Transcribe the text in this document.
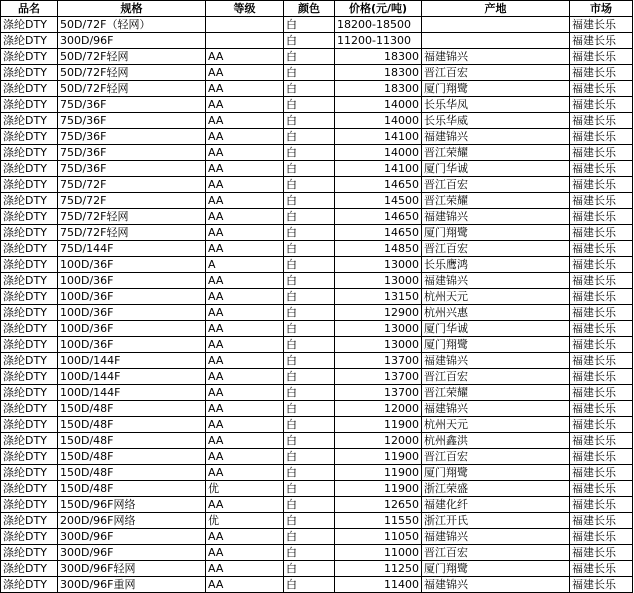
品名	规格	等级	颜色	价格(元/吨)	产地	市场
涤纶DTY	50D/72F（轻网）		白	18200-18500		福建长乐
涤纶DTY	300D/96F		白	11200-11300		福建长乐
涤纶DTY	50D/72F轻网	AA	白	18300	福建锦兴	福建长乐
涤纶DTY	50D/72F轻网	AA	白	18300	晋江百宏	福建长乐
涤纶DTY	50D/72F轻网	AA	白	18300	厦门翔鹭	福建长乐
涤纶DTY	75D/36F	AA	白	14000	长乐华凤	福建长乐
涤纶DTY	75D/36F	AA	白	14000	长乐华威	福建长乐
涤纶DTY	75D/36F	AA	白	14100	福建锦兴	福建长乐
涤纶DTY	75D/36F	AA	白	14000	晋江荣耀	福建长乐
涤纶DTY	75D/36F	AA	白	14100	厦门华诚	福建长乐
涤纶DTY	75D/72F	AA	白	14650	晋江百宏	福建长乐
涤纶DTY	75D/72F	AA	白	14500	晋江荣耀	福建长乐
涤纶DTY	75D/72F轻网	AA	白	14650	福建锦兴	福建长乐
涤纶DTY	75D/72F轻网	AA	白	14650	厦门翔鹭	福建长乐
涤纶DTY	75D/144F	AA	白	14850	晋江百宏	福建长乐
涤纶DTY	100D/36F	A	白	13000	长乐鹰鸿	福建长乐
涤纶DTY	100D/36F	AA	白	13000	福建锦兴	福建长乐
涤纶DTY	100D/36F	AA	白	13150	杭州天元	福建长乐
涤纶DTY	100D/36F	AA	白	12900	杭州兴惠	福建长乐
涤纶DTY	100D/36F	AA	白	13000	厦门华诚	福建长乐
涤纶DTY	100D/36F	AA	白	13000	厦门翔鹭	福建长乐
涤纶DTY	100D/144F	AA	白	13700	福建锦兴	福建长乐
涤纶DTY	100D/144F	AA	白	13700	晋江百宏	福建长乐
涤纶DTY	100D/144F	AA	白	13700	晋江荣耀	福建长乐
涤纶DTY	150D/48F	AA	白	12000	福建锦兴	福建长乐
涤纶DTY	150D/48F	AA	白	11900	杭州天元	福建长乐
涤纶DTY	150D/48F	AA	白	12000	杭州鑫洪	福建长乐
涤纶DTY	150D/48F	AA	白	11900	晋江百宏	福建长乐
涤纶DTY	150D/48F	AA	白	11900	厦门翔鹭	福建长乐
涤纶DTY	150D/48F	优	白	11900	浙江荣盛	福建长乐
涤纶DTY	150D/96F网络	AA	白	12650	福建化纤	福建长乐
涤纶DTY	200D/96F网络	优	白	11550	浙江开氏	福建长乐
涤纶DTY	300D/96F	AA	白	11050	福建锦兴	福建长乐
涤纶DTY	300D/96F	AA	白	11000	晋江百宏	福建长乐
涤纶DTY	300D/96F轻网	AA	白	11250	厦门翔鹭	福建长乐
涤纶DTY	300D/96F重网	AA	白	11400	福建锦兴	福建长乐
